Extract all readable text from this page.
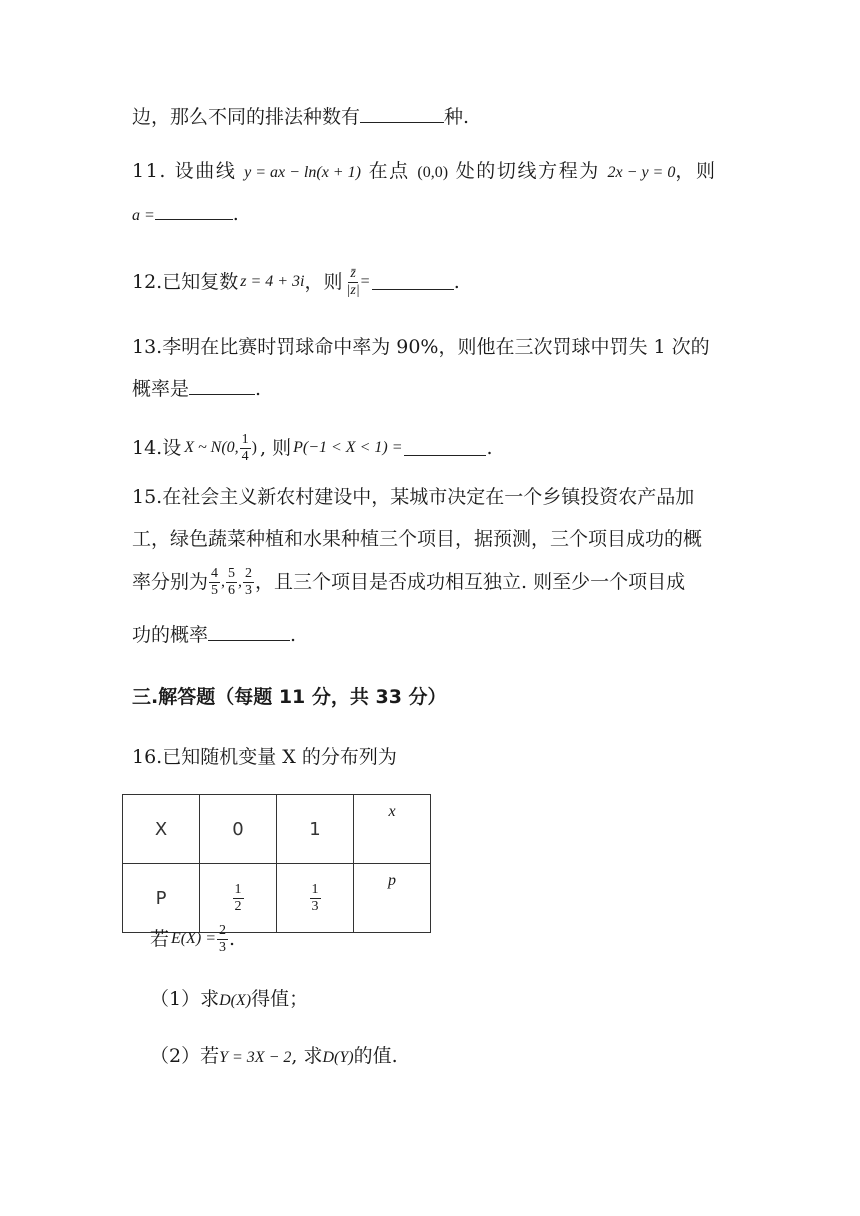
边，那么不同的排法种数有	种.
11. 设曲线 y = ax − ln(x + 1) 在点 (0,0) 处的切线方程为 2x − y = 0，则
a =	.
12. 已知复数 z = 4 + 3i ，则 $\frac{z̄}{|z|}$ =	.
13.李明在比赛时罚球命中率为 90%，则他在三次罚球中罚失 1 次的
概率是	.
14. 设 X ~ N(0, $\frac{1}{4}$ ) , 则 P(−1 < X < 1) =	.
15.在社会主义新农村建设中，某城市决定在一个乡镇投资农产品加
工，绿色蔬菜种植和水果种植三个项目，据预测，三个项目成功的概
率分别为 $\frac{4}{5}$ , $\frac{5}{6}$ , $\frac{2}{3}$ ，且三个项目是否成功相互独立. 则至少一个项目成
功的概率	.
三.解答题（每题 11 分，共 33 分）
16.已知随机变量 X 的分布列为
X	0	1	x
P	$\frac{1}{2}$	$\frac{1}{3}$	p
若 $E(X) = \frac{2}{3}$ .
（1）求D(X)得值；
（2）若Y = 3X − 2, 求D(Y)的值.
